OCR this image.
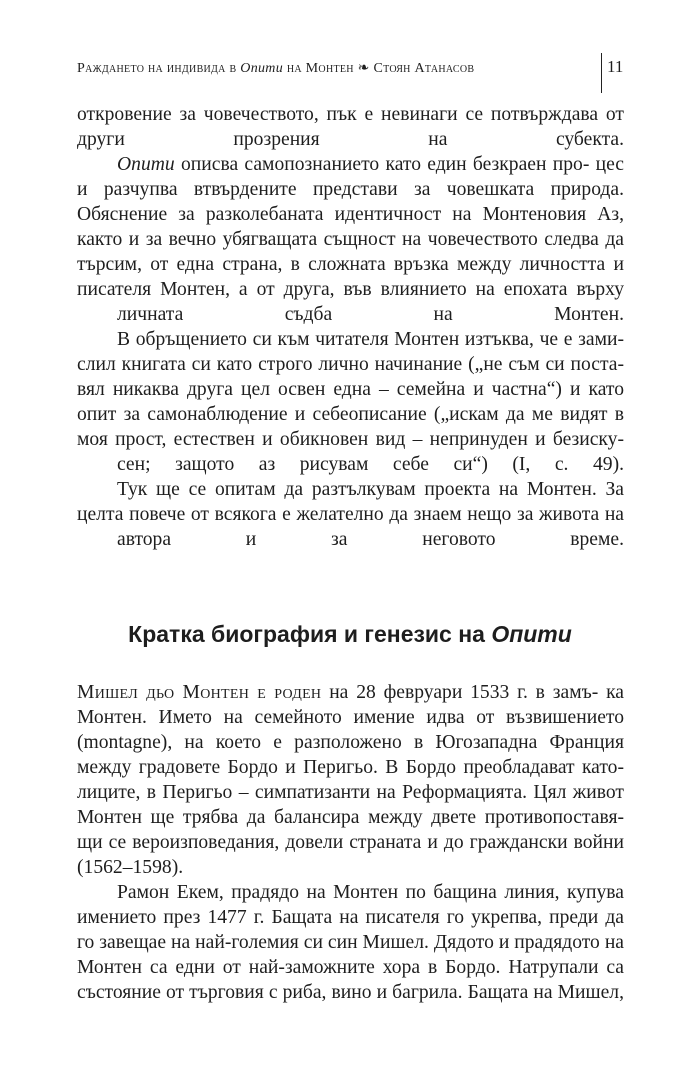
Раждането на индивида в Опити на Монтен ❧ Стоян Атанасов	11

откровение за човечеството, пък е невинаги се потвърждава от
други прозрения на субекта.

Опити описва самопознанието като един безкраен про- цес и разчупва втвърдените представи за човешката природа. Обяснение за разколебаната идентичност на Монтеновия Аз, както и за вечно убягващата същност на човечеството следва да търсим, от една страна, в сложната връзка между личността и писателя Монтен, а от друга, във влиянието на епохата върху
личната съдба на Монтен.

В обръщението си към читателя Монтен изтъква, че е зами- слил книгата си като строго лично начинание („не съм си поста- вял никаква друга цел освен една – семейна и частна“) и като опит за самонаблюдение и себеописание („искам да ме видят в моя прост, естествен и обикновен вид – непринуден и безиску-
сен; защото аз рисувам себе си“) (I, с. 49).

Тук ще се опитам да разтълкувам проекта на Монтен. За целта повече от всякога е желателно да знаем нещо за живота на
автора и за неговото време.

Кратка биография и генезис на Опити

Мишел дьо Монтен е роден на 28 февруари 1533 г. в замъ- ка Монтен. Името на семейното имение идва от възвишението (montagne), на което е разположено в Югозападна Франция между градовете Бордо и Перигьо. В Бордо преобладават като- лиците, в Перигьо – симпатизанти на Реформацията. Цял живот Монтен ще трябва да балансира между двете противопоставя- щи се вероизповедания, довели страната и до граждански войни
(1562–1598).

Рамон Екем, прадядо на Монтен по бащина линия, купува имението през 1477 г. Бащата на писателя го укрепва, преди да го завещае на най-големия си син Мишел. Дядото и прадядото на Монтен са едни от най-заможните хора в Бордо. Натрупали са състояние от търговия с риба, вино и багрила. Бащата на Мишел,
